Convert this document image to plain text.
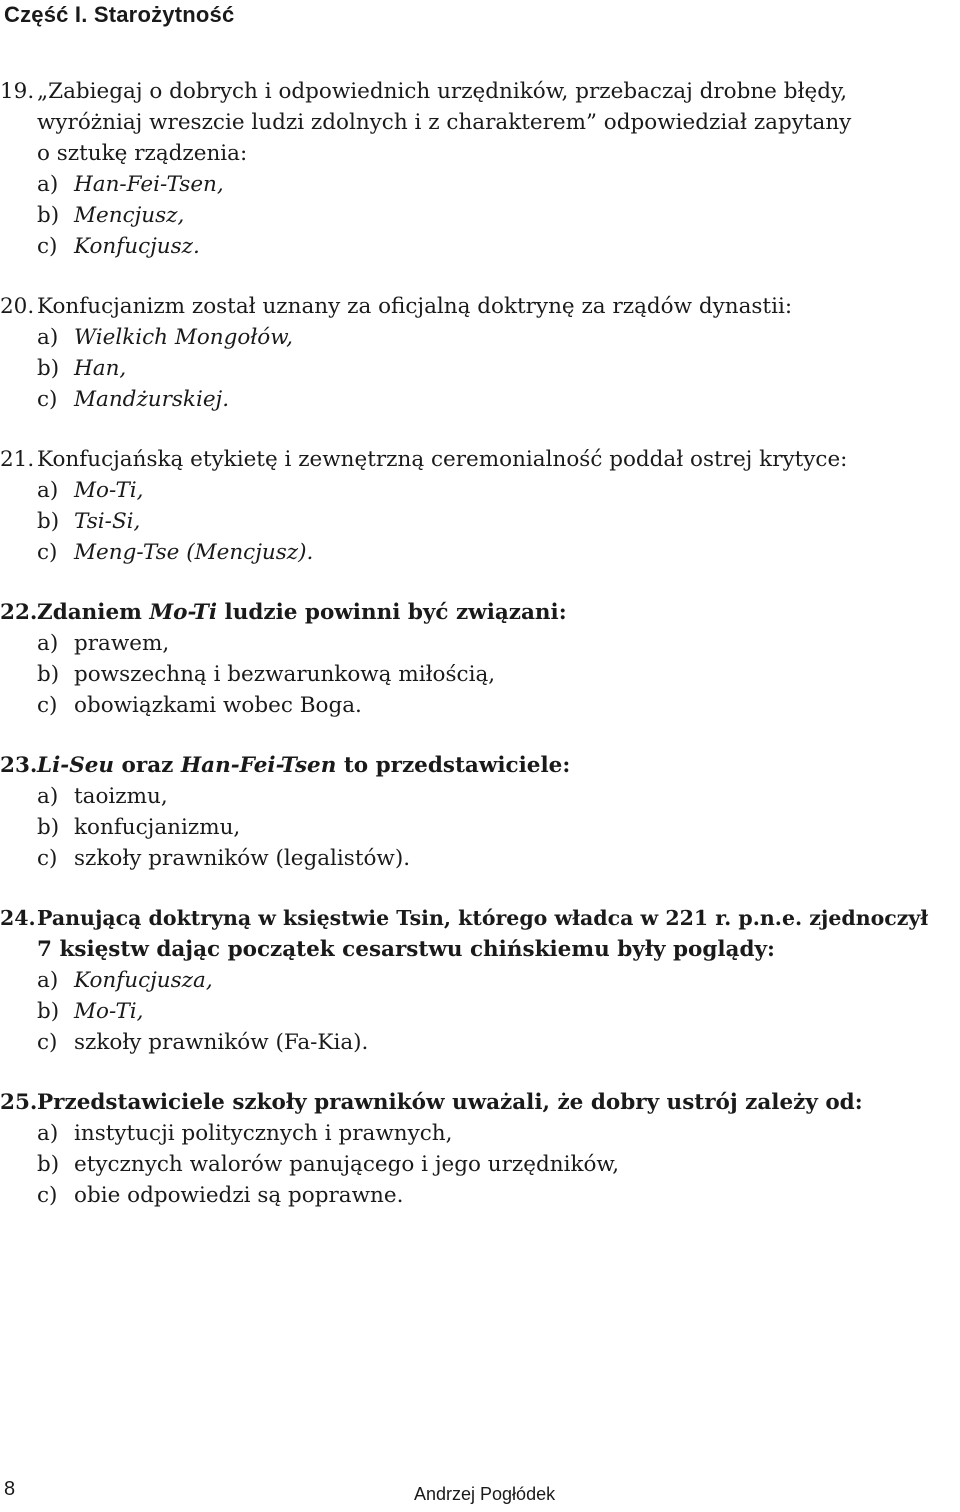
Część I. Starożytność
19. „Zabiegaj o dobrych i odpowiednich urzędników, przebaczaj drobne błędy,
wyróżniaj wreszcie ludzi zdolnych i z charakterem” odpowiedział zapytany
o sztukę rządzenia:
a) Han-Fei-Tsen,
b) Mencjusz,
c) Konfucjusz.
20. Konfucjanizm został uznany za oficjalną doktrynę za rządów dynastii:
a) Wielkich Mongołów,
b) Han,
c) Mandżurskiej.
21. Konfucjańską etykietę i zewnętrzną ceremonialność poddał ostrej krytyce:
a) Mo-Ti,
b) Tsi-Si,
c) Meng-Tse (Mencjusz).
22. Zdaniem Mo-Ti ludzie powinni być związani:
a) prawem,
b) powszechną i bezwarunkową miłością,
c) obowiązkami wobec Boga.
23. Li-Seu oraz Han-Fei-Tsen to przedstawiciele:
a) taoizmu,
b) konfucjanizmu,
c) szkoły prawników (legalistów).
24. Panującą doktryną w księstwie Tsin, którego władca w 221 r. p.n.e. zjednoczył
7 księstw dając początek cesarstwu chińskiemu były poglądy:
a) Konfucjusza,
b) Mo-Ti,
c) szkoły prawników (Fa-Kia).
25. Przedstawiciele szkoły prawników uważali, że dobry ustrój zależy od:
a) instytucji politycznych i prawnych,
b) etycznych walorów panującego i jego urzędników,
c) obie odpowiedzi są poprawne.
8	Andrzej Pogłódek
